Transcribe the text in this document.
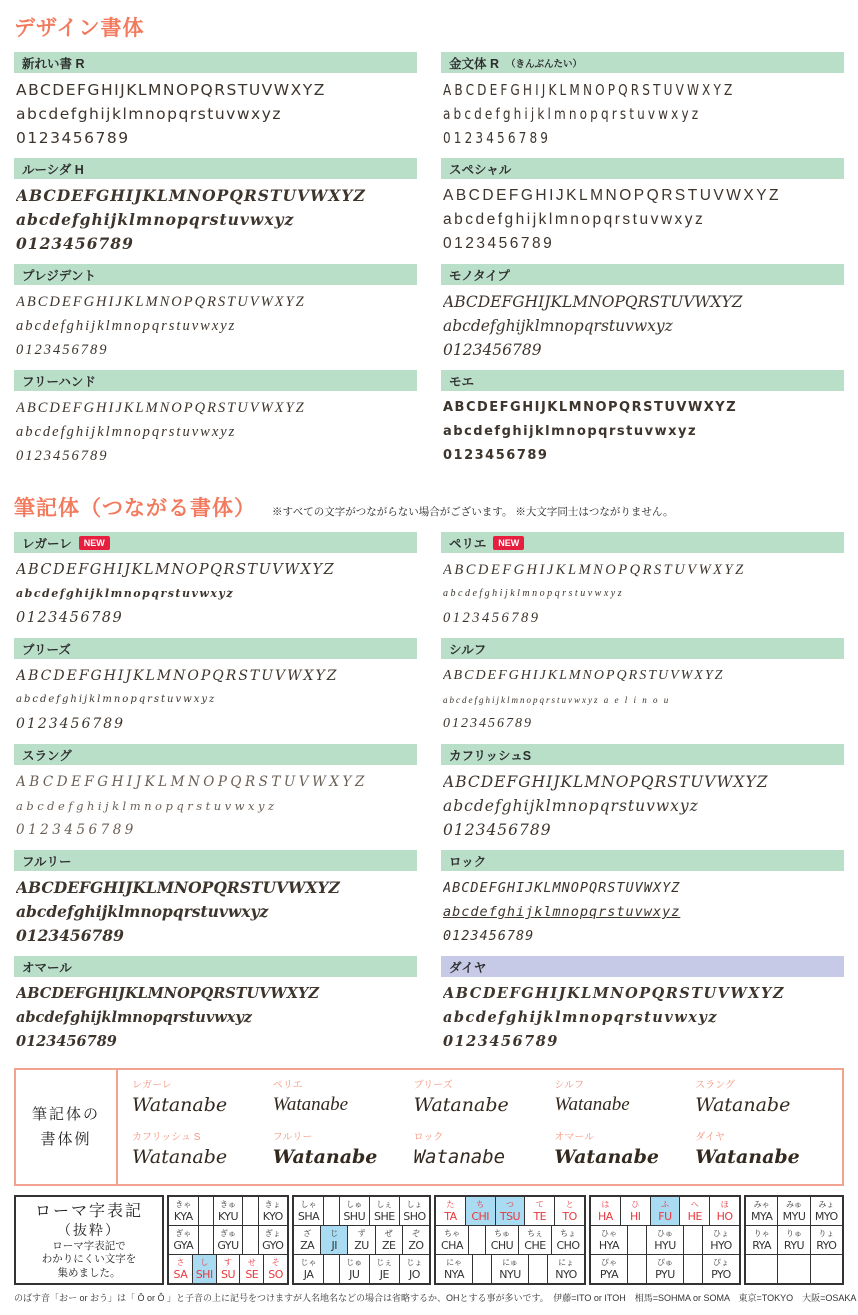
デザイン書体
新れい書 R
ABCDEFGHIJKLMNOPQRSTUVWXYZ
abcdefghijklmnopqrstuvwxyz
0123456789
金文体 R （きんぶんたい）
ABCDEFGHIJKLMNOPQRSTUVWXYZ
abcdefghijklmnopqrstuvwxyz
0123456789
ルーシダ H
ABCDEFGHIJKLMNOPQRSTUVWXYZ
abcdefghijklmnopqrstuvwxyz
0123456789
スペシャル
ABCDEFGHIJKLMNOPQRSTUVWXYZ
abcdefghijklmnopqrstuvwxyz
0123456789
プレジデント
ABCDEFGHIJKLMNOPQRSTUVWXYZ
abcdefghijklmnopqrstuvwxyz
0123456789
モノタイプ
ABCDEFGHIJKLMNOPQRSTUVWXYZ
abcdefghijklmnopqrstuvwxyz
0123456789
フリーハンド
ABCDEFGHIJKLMNOPQRSTUVWXYZ
abcdefghijklmnopqrstuvwxyz
0123456789
モエ
ABCDEFGHIJKLMNOPQRSTUVWXYZ
abcdefghijklmnopqrstuvwxyz
0123456789
筆記体（つながる書体） ※すべての文字がつながらない場合がございます。 ※大文字同士はつながりません。
レガーレ	NEW
ABCDEFGHIJKLMNOPQRSTUVWXYZ
abcdefghijklmnopqrstuvwxyz
0123456789
ペリエ	NEW
ABCDEFGHIJKLMNOPQRSTUVWXYZ
abcdefghijklmnopqrstuvwxyz
0123456789
ブリーズ
ABCDEFGHIJKLMNOPQRSTUVWXYZ
abcdefghijklmnopqrstuvwxyz
0123456789
シルフ
ABCDEFGHIJKLMNOPQRSTUVWXYZ
abcdefghijklmnopqrstuvwxyz a e l i n o u
0123456789
スラング
ABCDEFGHIJKLMNOPQRSTUVWXYZ
abcdefghijklmnopqrstuvwxyz
0123456789
カフリッシュS
ABCDEFGHIJKLMNOPQRSTUVWXYZ
abcdefghijklmnopqrstuvwxyz
0123456789
フルリー
ABCDEFGHIJKLMNOPQRSTUVWXYZ
abcdefghijklmnopqrstuvwxyz
0123456789
ロック
ABCDEFGHIJKLMNOPQRSTUVWXYZ
abcdefghijklmnopqrstuvwxyz
0123456789
オマール
ABCDEFGHIJKLMNOPQRSTUVWXYZ
abcdefghijklmnopqrstuvwxyz
0123456789
ダイヤ
ABCDEFGHIJKLMNOPQRSTUVWXYZ
abcdefghijklmnopqrstuvwxyz
0123456789
筆記体の
書体例
レガーレ
Watanabe
ペリエ
Watanabe
ブリーズ
Watanabe
シルフ
Watanabe
スラング
Watanabe
カフリッシュ S
Watanabe
フルリー
Watanabe
ロック
Watanabe
オマール
Watanabe
ダイヤ
Watanabe
ローマ字表記
（抜粋）
ローマ字表記で
わかりにくい文字を
集めました。
きゃ
KYA
きゅ
KYU
きょ
KYO
ぎゃ
GYA
ぎゅ
GYU
ぎょ
GYO
さ
SA
し
SHI
す
SU
せ
SE
そ
SO
しゃ
SHA
しゅ
SHU
しぇ
SHE
しょ
SHO
ざ
ZA
じ
JI
ず
ZU
ぜ
ZE
ぞ
ZO
じゃ
JA
じゅ
JU
じぇ
JE
じょ
JO
た
TA
ち
CHI
つ
TSU
て
TE
と
TO
ちゃ
CHA
ちゅ
CHU
ちぇ
CHE
ちょ
CHO
にゃ
NYA
にゅ
NYU
にょ
NYO
は
HA
ひ
HI
ふ
FU
へ
HE
ほ
HO
ひゃ
HYA
ひゅ
HYU
ひょ
HYO
ぴゃ
PYA
ぴゅ
PYU
ぴょ
PYO
みゃ
MYA
みゅ
MYU
みょ
MYO
りゃ
RYA
りゅ
RYU
りょ
RYO
のばす音「おー or おう」は「 Ō or Ô 」と子音の上に記号をつけますが人名地名などの場合は省略するか、OHとする事が多いです。　伊藤=ITO or ITOH　相馬=SOHMA or SOMA　東京=TOKYO　大阪=OSAKA
